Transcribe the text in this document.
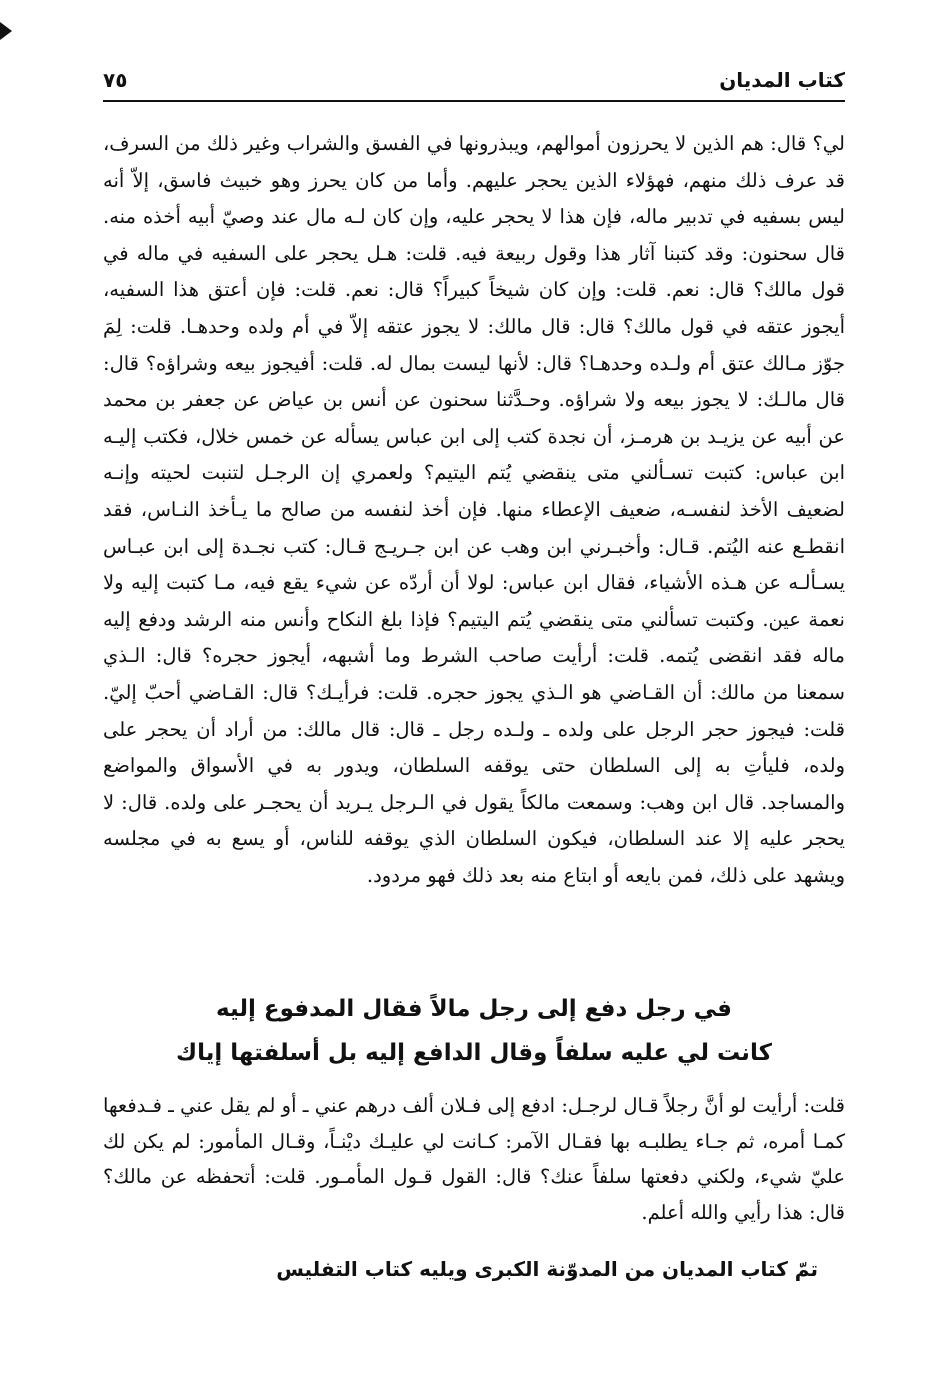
كتاب المديان
٧٥

لي؟ قال: هم الذين لا يحرزون أموالهم، ويبذرونها في الفسق والشراب وغير ذلك من السرف، قد عرف ذلك منهم، فهؤلاء الذين يحجر عليهم. وأما من كان يحرز وهو خبيث فاسق، إلاّ أنه ليس بسفيه في تدبير ماله، فإن هذا لا يحجر عليه، وإن كان لـه مال عند وصيّ أبيه أخذه منه. قال سحنون: وقد كتبنا آثار هذا وقول ربيعة فيه. قلت: هـل يحجر على السفيه في ماله في قول مالك؟ قال: نعم. قلت: وإن كان شيخاً كبيراً؟ قال: نعم. قلت: فإن أعتق هذا السفيه، أيجوز عتقه في قول مالك؟ قال: قال مالك: لا يجوز عتقه إلاّ في أم ولده وحدهـا. قلت: لِمَ جوّز مـالك عتق أم ولـده وحدهـا؟ قال: لأنها ليست بمال له. قلت: أفيجوز بيعه وشراؤه؟ قال: قال مالـك: لا يجوز بيعه ولا شراؤه. وحـدَّثنا سحنون عن أنس بن عياض عن جعفر بن محمد عن أبيه عن يزيـد بن هرمـز، أن نجدة كتب إلى ابن عباس يسأله عن خمس خلال، فكتب إليـه ابن عباس: كتبت تسـألني متى ينقضي يُتم اليتيم؟ ولعمري إن الرجـل لتنبت لحيته وإنـه لضعيف الأخذ لنفسـه، ضعيف الإعطاء منها. فإن أخذ لنفسه من صالح ما يـأخذ النـاس، فقد انقطـع عنه اليُتم. قـال: وأخبـرني ابن وهب عن ابن جـريـج قـال: كتب نجـدة إلى ابن عبـاس يسـألـه عن هـذه الأشياء، فقال ابن عباس: لولا أن أردّه عن شيء يقع فيه، مـا كتبت إليه ولا نعمة عين. وكتبت تسألني متى ينقضي يُتم اليتيم؟ فإذا بلغ النكاح وأنس منه الرشد ودفع إليه ماله فقد انقضى يُتمه. قلت: أرأيت صاحب الشرط وما أشبهه، أيجوز حجره؟ قال: الـذي سمعنا من مالك: أن القـاضي هو الـذي يجوز حجره. قلت: فرأيـك؟ قال: القـاضي أحبّ إليّ. قلت: فيجوز حجر الرجل على ولده ـ ولـده رجل ـ قال: قال مالك: من أراد أن يحجر على ولده، فليأتِ به إلى السلطان حتى يوقفه السلطان، ويدور به في الأسواق والمواضع والمساجد. قال ابن وهب: وسمعت مالكاً يقول في الـرجل يـريد أن يحجـر على ولده. قال: لا يحجر عليه إلا عند السلطان، فيكون السلطان الذي يوقفه للناس، أو يسع به في مجلسه ويشهد على ذلك، فمن بايعه أو ابتاع منه بعد ذلك فهو مردود.

في رجل دفع إلى رجل مالاً فقال المدفوع إليه
كانت لي عليه سلفاً وقال الدافع إليه بل أسلفتها إياك

قلت: أرأيت لو أنَّ رجلاً قـال لرجـل: ادفع إلى فـلان ألف درهم عني ـ أو لم يقل عني ـ فـدفعها كمـا أمره، ثم جـاء يطلبـه بها فقـال الآمر: كـانت لي عليـك ديْنـاً، وقـال المأمور: لم يكن لك عليّ شيء، ولكني دفعتها سلفاً عنك؟ قال: القول قـول المأمـور. قلت: أتحفظه عن مالك؟ قال: هذا رأيي والله أعلم.

تمّ كتاب المديان من المدوّنة الكبرى ويليه كتاب التفليس
